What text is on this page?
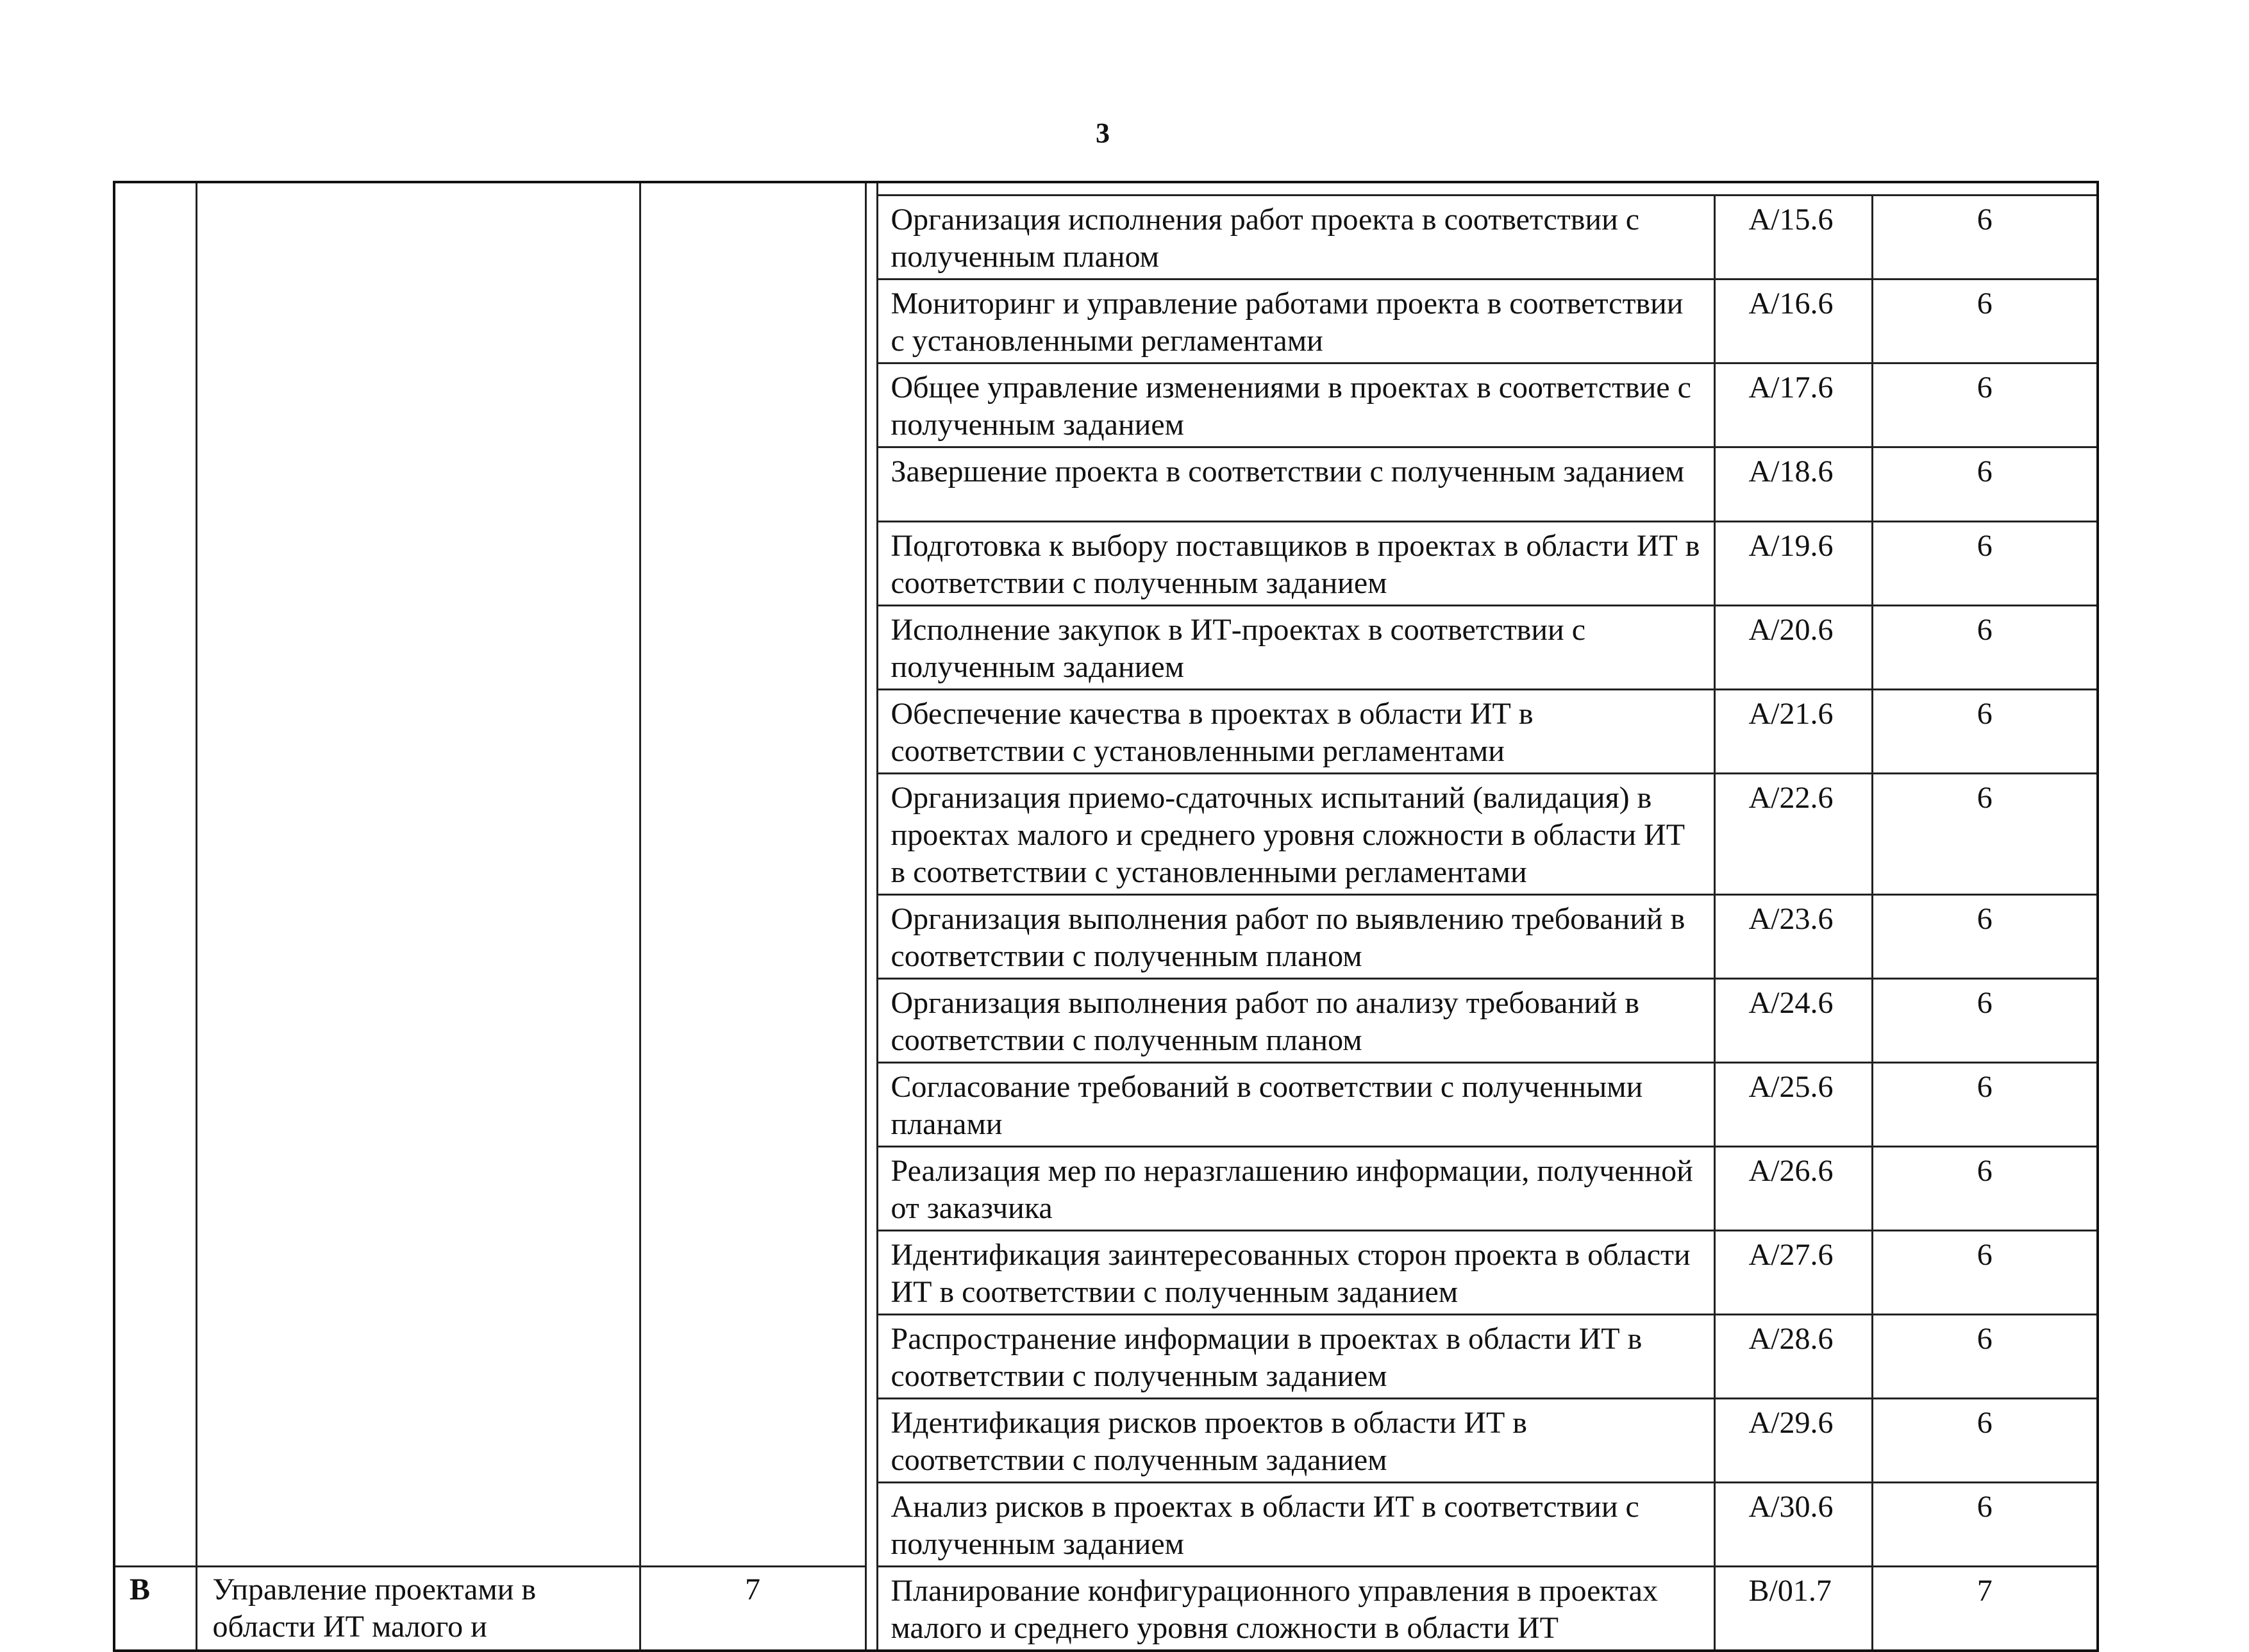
3

				Организация исполнения работ проекта в соответствии с полученным планом	A/15.6	6
				Мониторинг и управление работами проекта в соответствии с установленными регламентами	A/16.6	6
				Общее управление изменениями в проектах в соответствие с полученным заданием	A/17.6	6
				Завершение проекта в соответствии с полученным заданием	A/18.6	6
				Подготовка к выбору поставщиков в проектах в области ИТ в соответствии с полученным заданием	A/19.6	6
				Исполнение закупок в ИТ-проектах в соответствии с полученным заданием	A/20.6	6
				Обеспечение качества в проектах в области ИТ в соответствии с установленными регламентами	A/21.6	6
				Организация приемо-сдаточных испытаний (валидация) в проектах малого и среднего уровня сложности в области ИТ в соответствии с установленными регламентами	A/22.6	6
				Организация выполнения работ по выявлению требований в соответствии с полученным планом	A/23.6	6
				Организация выполнения работ по анализу требований в соответствии с полученным планом	A/24.6	6
				Согласование требований в соответствии с полученными планами	A/25.6	6
				Реализация мер по неразглашению информации, полученной от заказчика	A/26.6	6
				Идентификация заинтересованных сторон проекта в области ИТ в соответствии с полученным заданием	A/27.6	6
				Распространение информации в проектах в области ИТ в соответствии с полученным заданием	A/28.6	6
				Идентификация рисков проектов в области ИТ в соответствии с полученным заданием	A/29.6	6
				Анализ рисков в проектах в области ИТ в соответствии с полученным заданием	A/30.6	6
B	Управление проектами в области ИТ малого и	7		Планирование конфигурационного управления в проектах малого и среднего уровня сложности в области ИТ	B/01.7	7
